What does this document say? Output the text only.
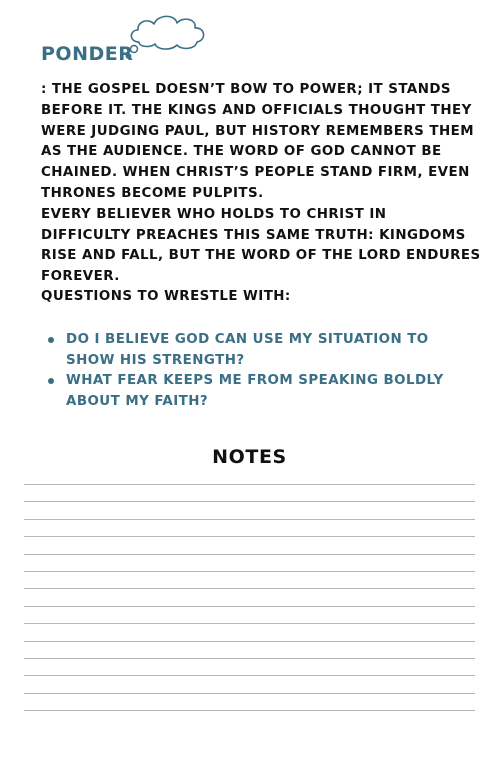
PONDER

: THE GOSPEL DOESN’T BOW TO POWER; IT STANDS BEFORE IT. THE KINGS AND OFFICIALS THOUGHT THEY WERE JUDGING PAUL, BUT HISTORY REMEMBERS THEM AS THE AUDIENCE. THE WORD OF GOD CANNOT BE CHAINED. WHEN CHRIST’S PEOPLE STAND FIRM, EVEN THRONES BECOME PULPITS.

EVERY BELIEVER WHO HOLDS TO CHRIST IN DIFFICULTY PREACHES THIS SAME TRUTH: KINGDOMS RISE AND FALL, BUT THE WORD OF THE LORD ENDURES FOREVER.

QUESTIONS TO WRESTLE WITH:
DO I BELIEVE GOD CAN USE MY SITUATION TO SHOW HIS STRENGTH?
WHAT FEAR KEEPS ME FROM SPEAKING BOLDLY ABOUT MY FAITH?
NOTES
